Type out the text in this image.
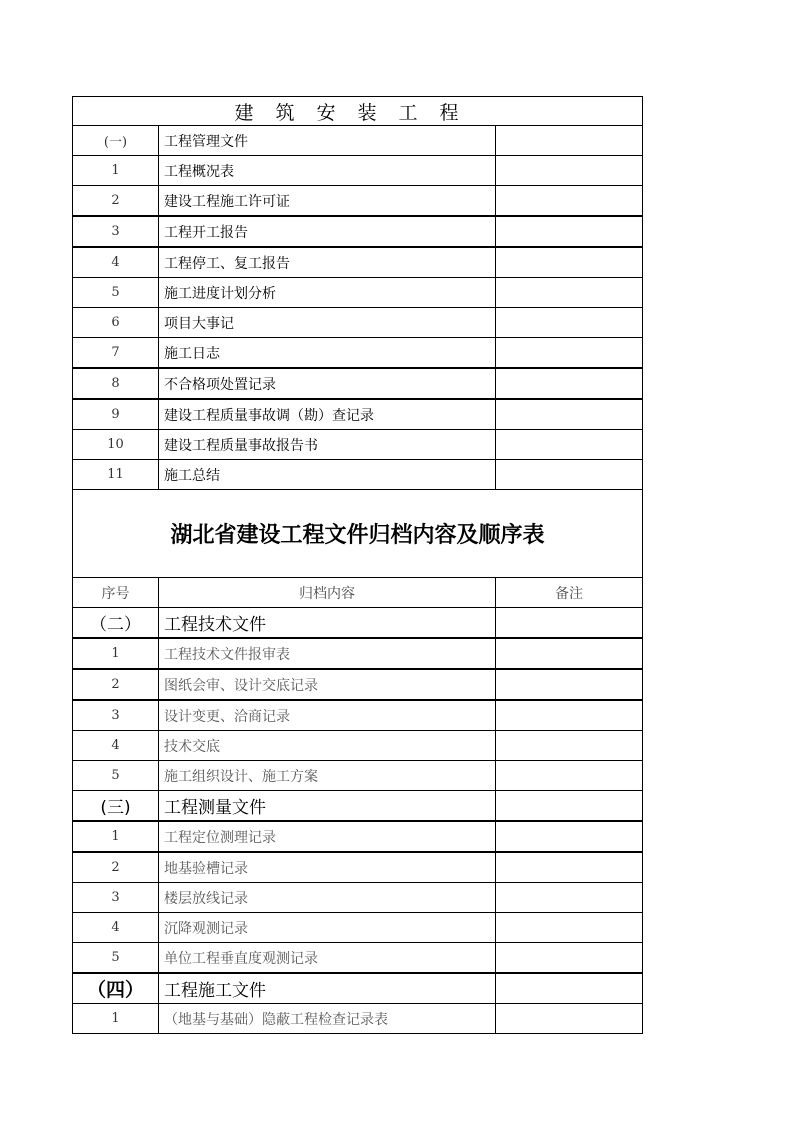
建筑安装工程		
(一)	工程管理文件	
1	工程概况表	
2	建设工程施工许可证	
3	工程开工报告	
4	工程停工、复工报告	
5	施工进度计划分析	
6	项目大事记	
7	施工日志	
8	不合格项处置记录	
9	建设工程质量事故调（勘）查记录	
10	建设工程质量事故报告书	
11	施工总结	
湖北省建设工程文件归档内容及顺序表		
序号	归档内容	备注
（二）	工程技术文件	
1	工程技术文件报审表	
2	图纸会审、设计交底记录	
3	设计变更、洽商记录	
4	技术交底	
5	施工组织设计、施工方案	
(三)	工程测量文件	
1	工程定位测理记录	
2	地基验槽记录	
3	楼层放线记录	
4	沉降观测记录	
5	单位工程垂直度观测记录	
（四）	工程施工文件	
1	（地基与基础）隐蔽工程检查记录表	
